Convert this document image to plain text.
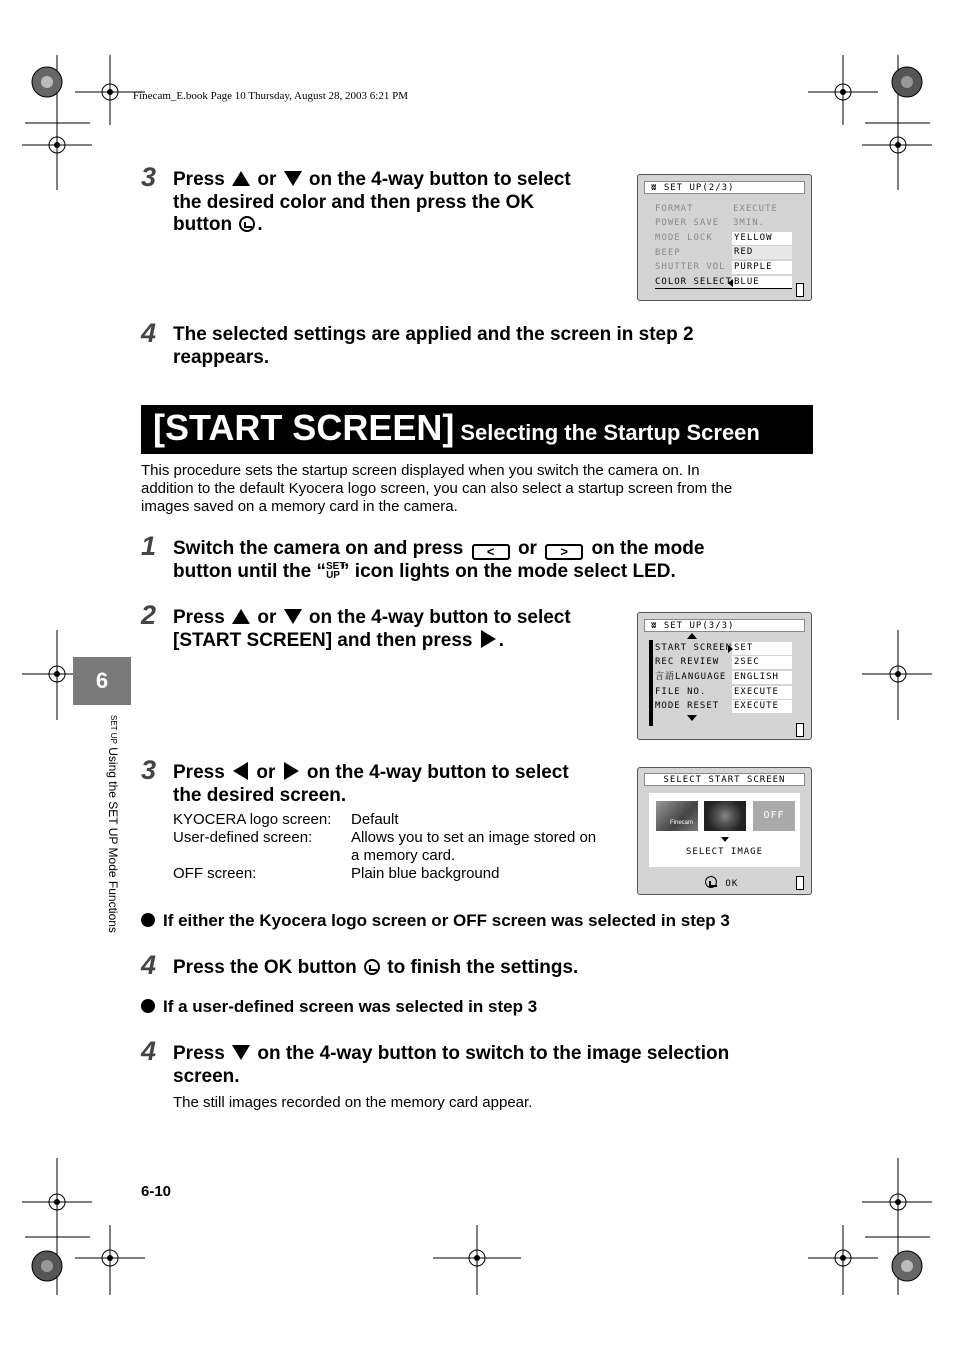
Finecam_E.book Page 10 Thursday, August 28, 2003 6:21 PM
3 Press or on the 4-way button to select
the desired color and then press the OK
button .
ʬ SET UP(2/3)
FORMAT	EXECUTE
POWER SAVE 3MIN.
MODE LOCK YELLOW
BEEP	RED
SHUTTER VOL PURPLE
COLOR SELECT BLUE
4 The selected settings are applied and the screen in step 2
reappears.
[START SCREEN] Selecting the Startup Screen
This procedure sets the startup screen displayed when you switch the camera on. In
addition to the default Kyocera logo screen, you can also select a startup screen from the
images saved on a memory card in the camera.
1 Switch the camera on and press < or > on the mode
button until the “ SET
UP ” icon lights on the mode select LED.
2 Press or on the 4-way button to select
[START SCREEN] and then press .
ʬ SET UP(3/3)
START SCREEN SET
REC REVIEW 2SEC
言語LANGUAGE ENGLISH
FILE NO.	EXECUTE
MODE RESET EXECUTE
3 Press or on the 4-way button to select
the desired screen.
KYOCERA logo screen: Default
User-defined screen:	Allows you to set an image stored on
a memory card.
OFF screen:	Plain blue background
SELECT START SCREEN
Finecam
OFF
SELECT IMAGE
OK
If either the Kyocera logo screen or OFF screen was selected in step 3
4 Press the OK button to finish the settings.
If a user-defined screen was selected in step 3
4 Press on the 4-way button to switch to the image selection
screen.
The still images recorded on the memory card appear.
6
SET UP Using the SET UP Mode Functions
6-10
